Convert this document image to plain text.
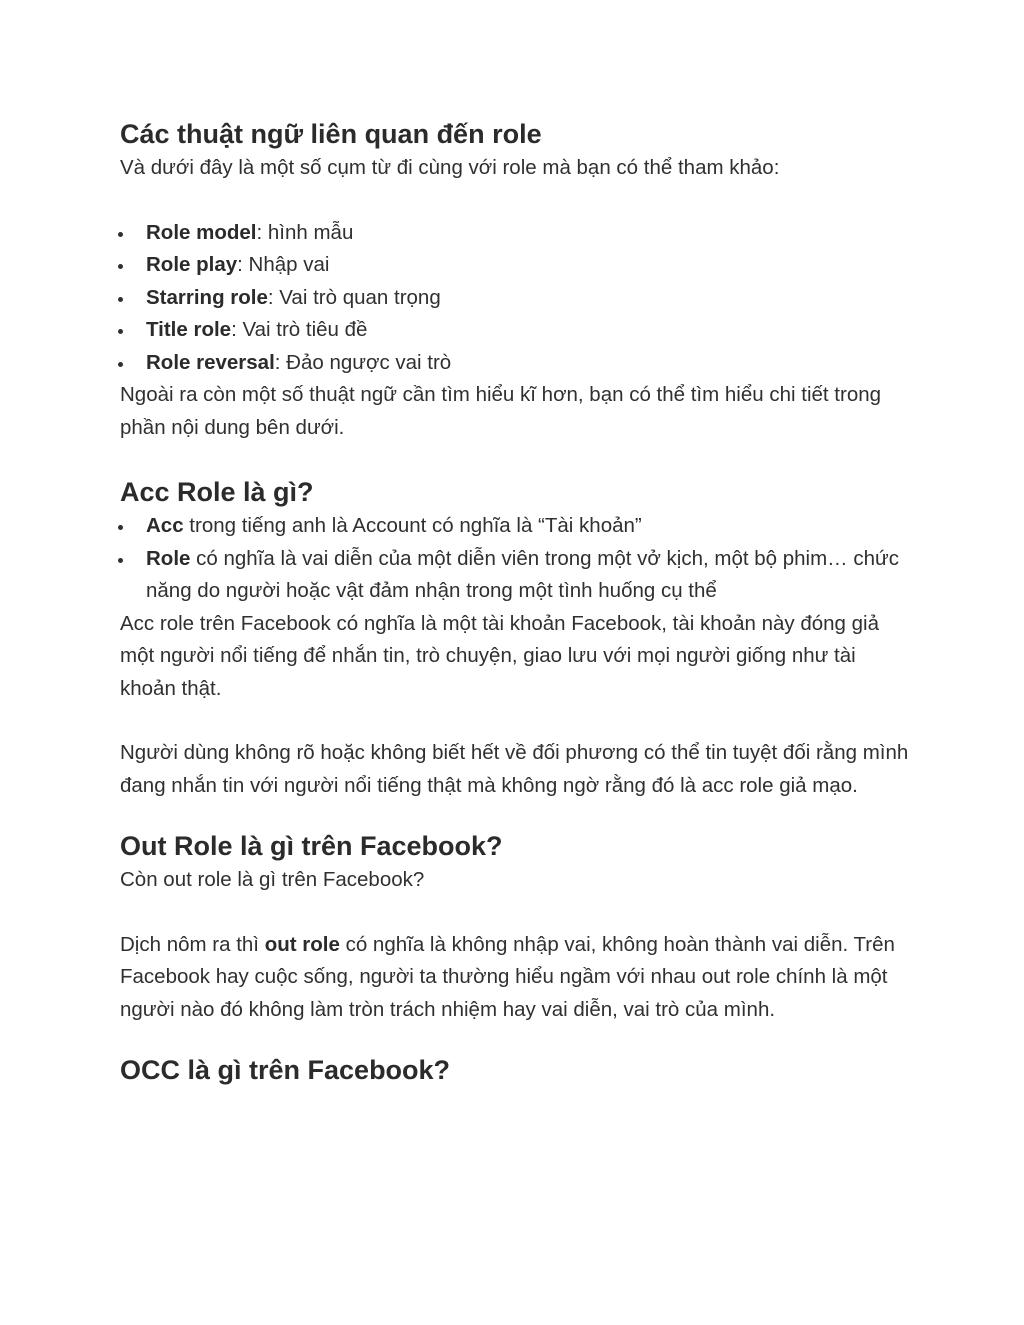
Các thuật ngữ liên quan đến role

Và dưới đây là một số cụm từ đi cùng với role mà bạn có thể tham khảo:

Role model: hình mẫu
Role play: Nhập vai
Starring role: Vai trò quan trọng
Title role: Vai trò tiêu đề
Role reversal: Đảo ngược vai trò

Ngoài ra còn một số thuật ngữ cần tìm hiểu kĩ hơn, bạn có thể tìm hiểu chi tiết trong phần nội dung bên dưới.

Acc Role là gì?
Acc trong tiếng anh là Account có nghĩa là “Tài khoản”
Role có nghĩa là vai diễn của một diễn viên trong một vở kịch, một bộ phim… chức năng do người hoặc vật đảm nhận trong một tình huống cụ thể

Acc role trên Facebook có nghĩa là một tài khoản Facebook, tài khoản này đóng giả một người nổi tiếng để nhắn tin, trò chuyện, giao lưu với mọi người giống như tài khoản thật.

Người dùng không rõ hoặc không biết hết về đối phương có thể tin tuyệt đối rằng mình đang nhắn tin với người nổi tiếng thật mà không ngờ rằng đó là acc role giả mạo.

Out Role là gì trên Facebook?

Còn out role là gì trên Facebook?

Dịch nôm ra thì out role có nghĩa là không nhập vai, không hoàn thành vai diễn. Trên Facebook hay cuộc sống, người ta thường hiểu ngầm với nhau out role chính là một người nào đó không làm tròn trách nhiệm hay vai diễn, vai trò của mình.

OCC là gì trên Facebook?
